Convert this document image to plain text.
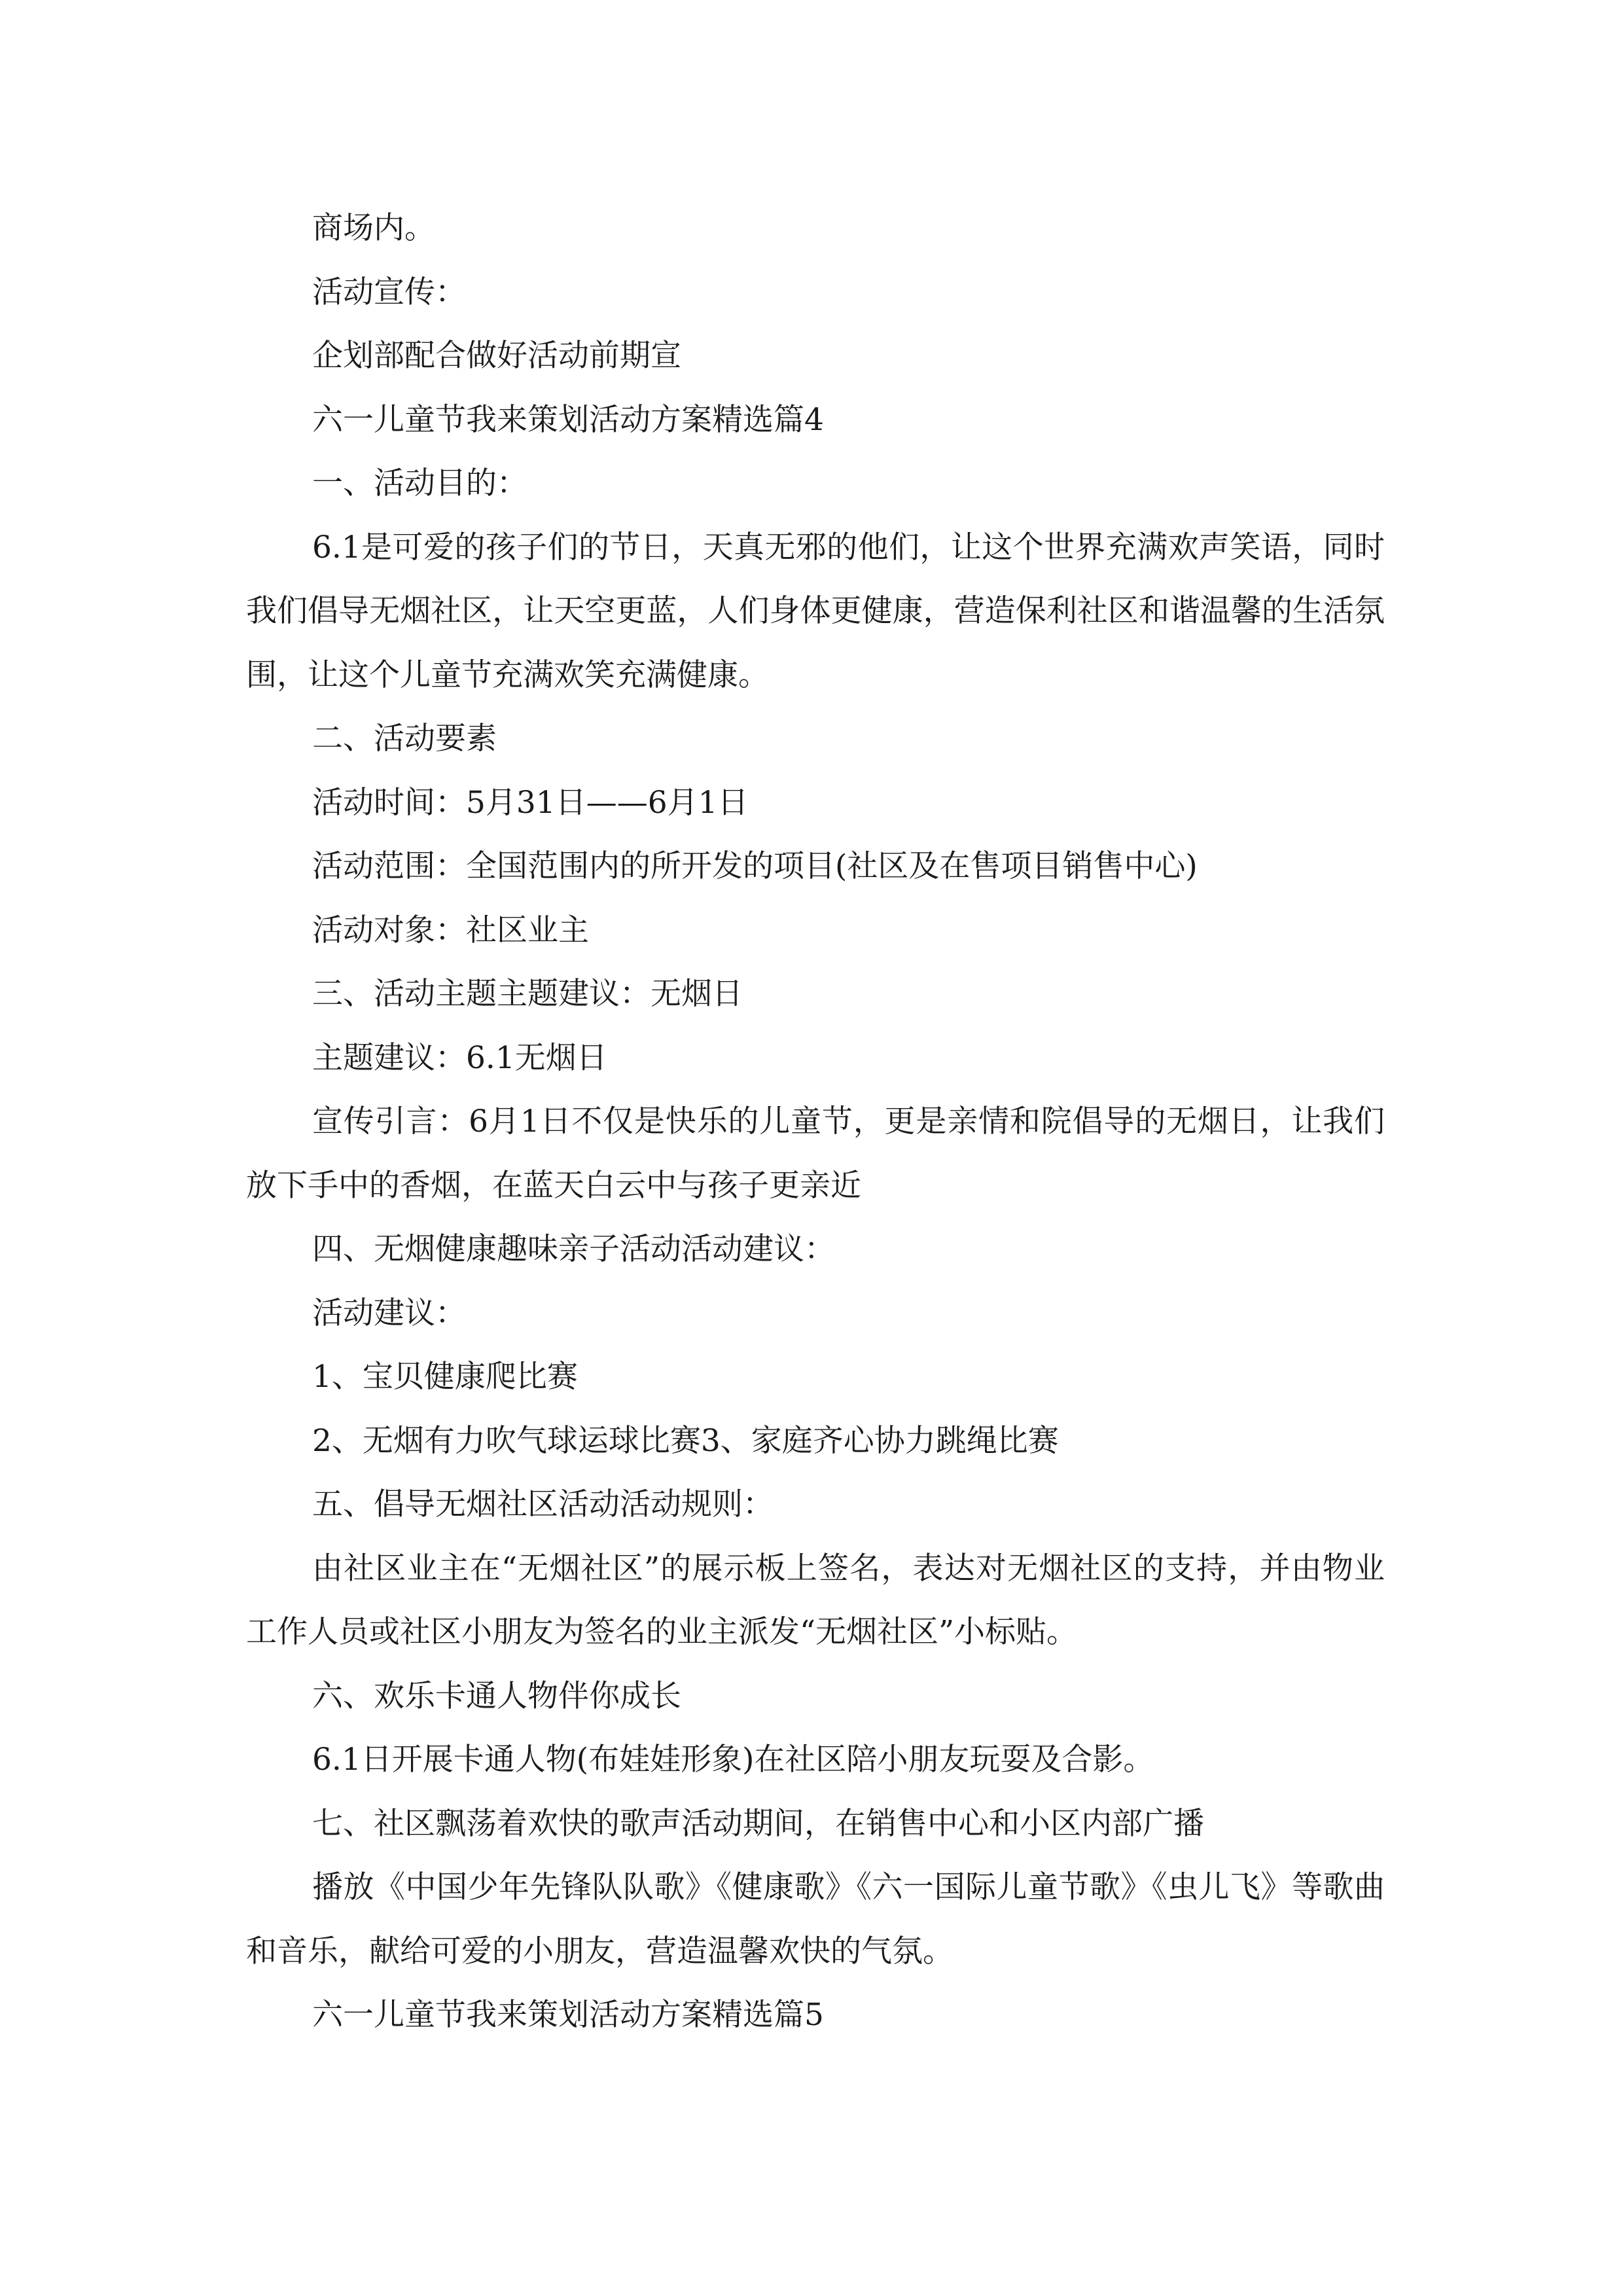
商场内。

活动宣传：

企划部配合做好活动前期宣

六一儿童节我来策划活动方案精选篇4

一、活动目的：

6.1是可爱的孩子们的节日，天真无邪的他们，让这个世界充满欢声笑语，同时我们倡导无烟社区，让天空更蓝，人们身体更健康，营造保利社区和谐温馨的生活氛围，让这个儿童节充满欢笑充满健康。

二、活动要素

活动时间：5月31日——6月1日

活动范围：全国范围内的所开发的项目(社区及在售项目销售中心)

活动对象：社区业主

三、活动主题主题建议：无烟日

主题建议：6.1无烟日

宣传引言：6月1日不仅是快乐的儿童节，更是亲情和院倡导的无烟日，让我们放下手中的香烟，在蓝天白云中与孩子更亲近

四、无烟健康趣味亲子活动活动建议：

活动建议：

1、宝贝健康爬比赛

2、无烟有力吹气球运球比赛3、家庭齐心协力跳绳比赛

五、倡导无烟社区活动活动规则：

由社区业主在“无烟社区”的展示板上签名，表达对无烟社区的支持，并由物业工作人员或社区小朋友为签名的业主派发“无烟社区”小标贴。

六、欢乐卡通人物伴你成长

6.1日开展卡通人物(布娃娃形象)在社区陪小朋友玩耍及合影。

七、社区飘荡着欢快的歌声活动期间，在销售中心和小区内部广播

播放《中国少年先锋队队歌》《健康歌》《六一国际儿童节歌》《虫儿飞》等歌曲和音乐，献给可爱的小朋友，营造温馨欢快的气氛。

六一儿童节我来策划活动方案精选篇5
